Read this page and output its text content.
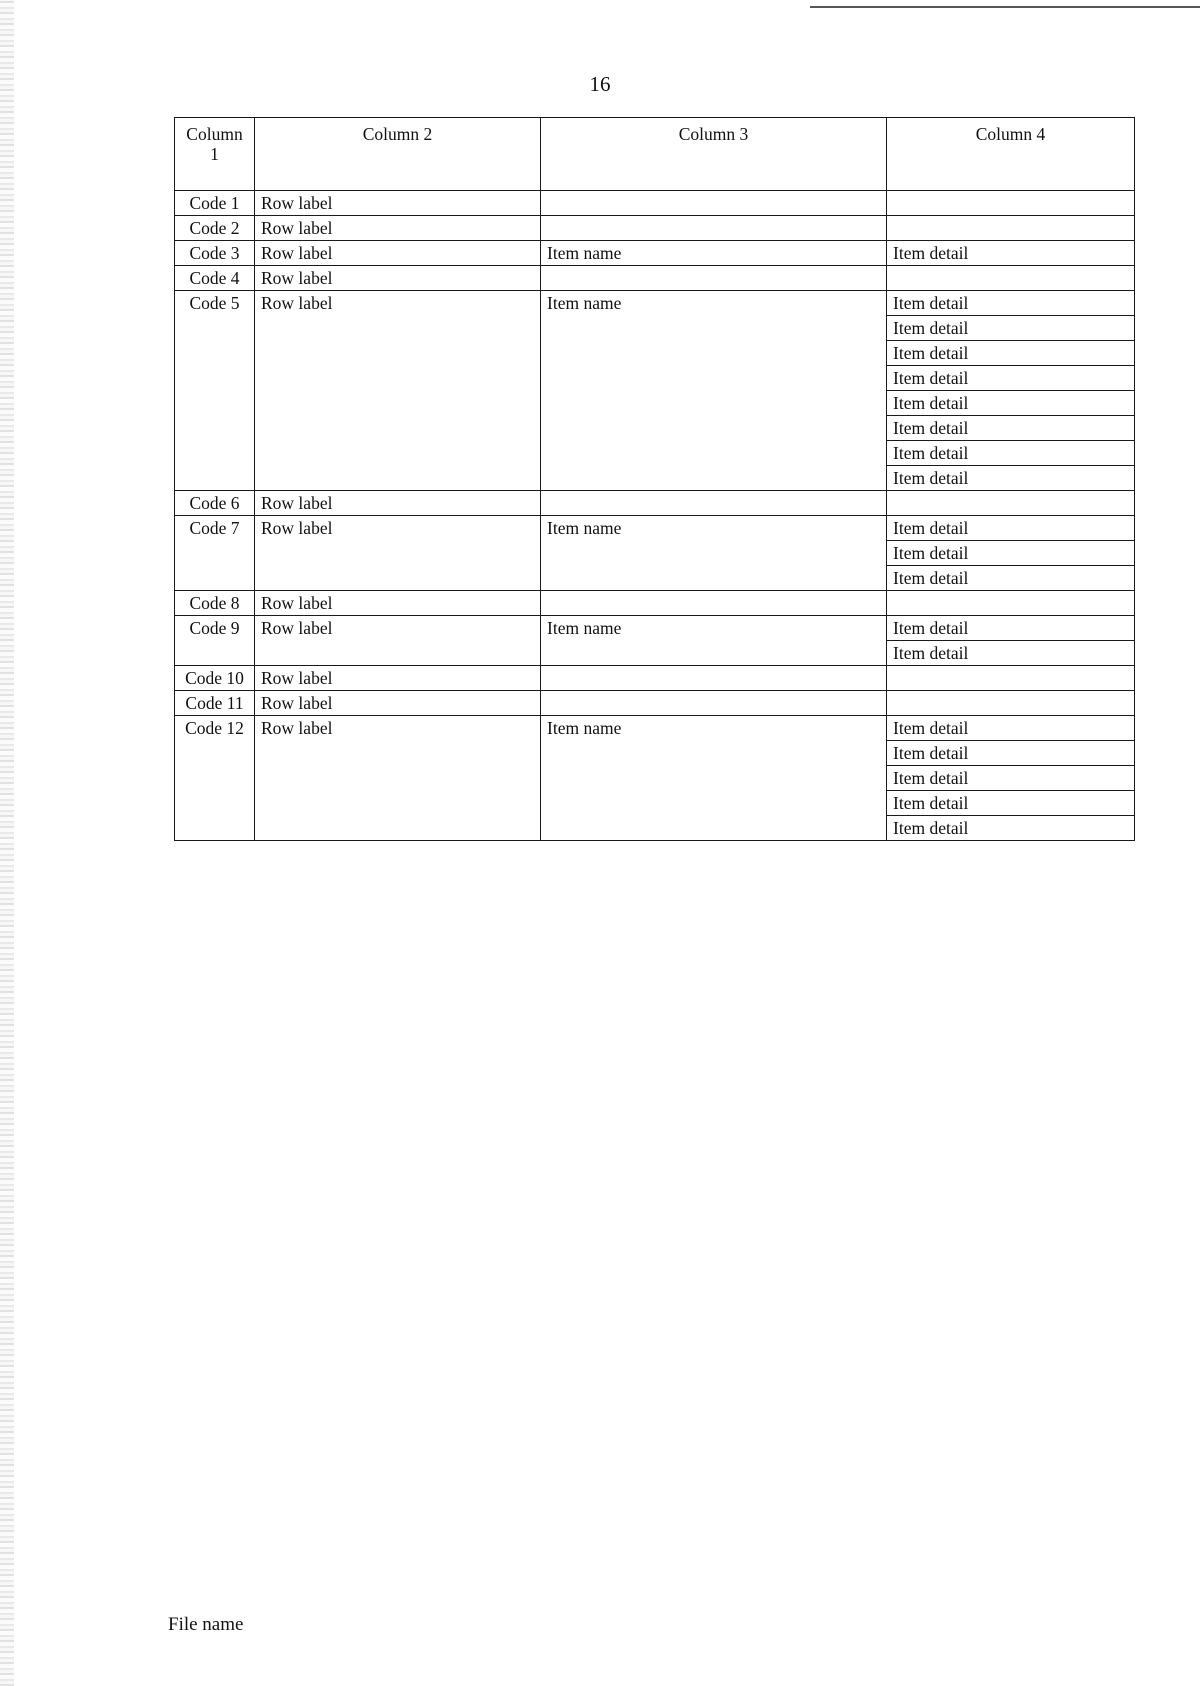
16
Column 1	Column 2	Column 3	Column 4
Code 1	Row label		
Code 2	Row label		
Code 3	Row label	Item name	Item detail
Code 4	Row label		
Code 5	Row label	Item name	Item detail
			Item detail
			Item detail
			Item detail
			Item detail
			Item detail
			Item detail
			Item detail
Code 6	Row label		
Code 7	Row label	Item name	Item detail
			Item detail
			Item detail
Code 8	Row label		
Code 9	Row label	Item name	Item detail
			Item detail
Code 10	Row label		
Code 11	Row label		
Code 12	Row label	Item name	Item detail
			Item detail
			Item detail
			Item detail
			Item detail
File name
